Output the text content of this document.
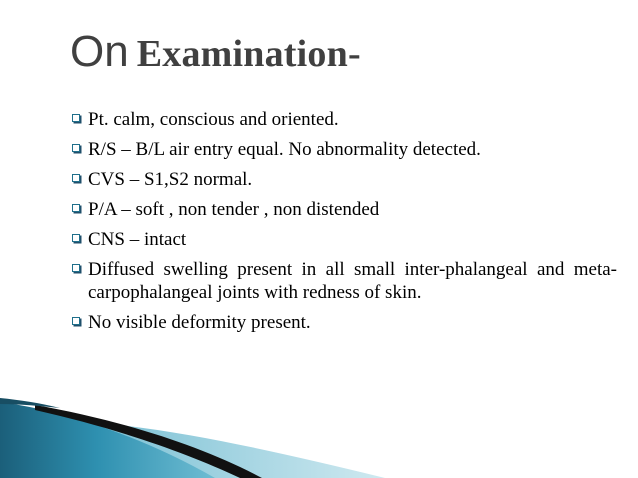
On Examination-
Pt. calm, conscious and oriented.
R/S – B/L air entry equal. No abnormality detected.
CVS – S1,S2 normal.
P/A – soft , non tender , non distended
CNS – intact
Diffused swelling present in all small inter-phalangeal and meta-carpophalangeal joints with redness of skin.
No visible deformity present.
